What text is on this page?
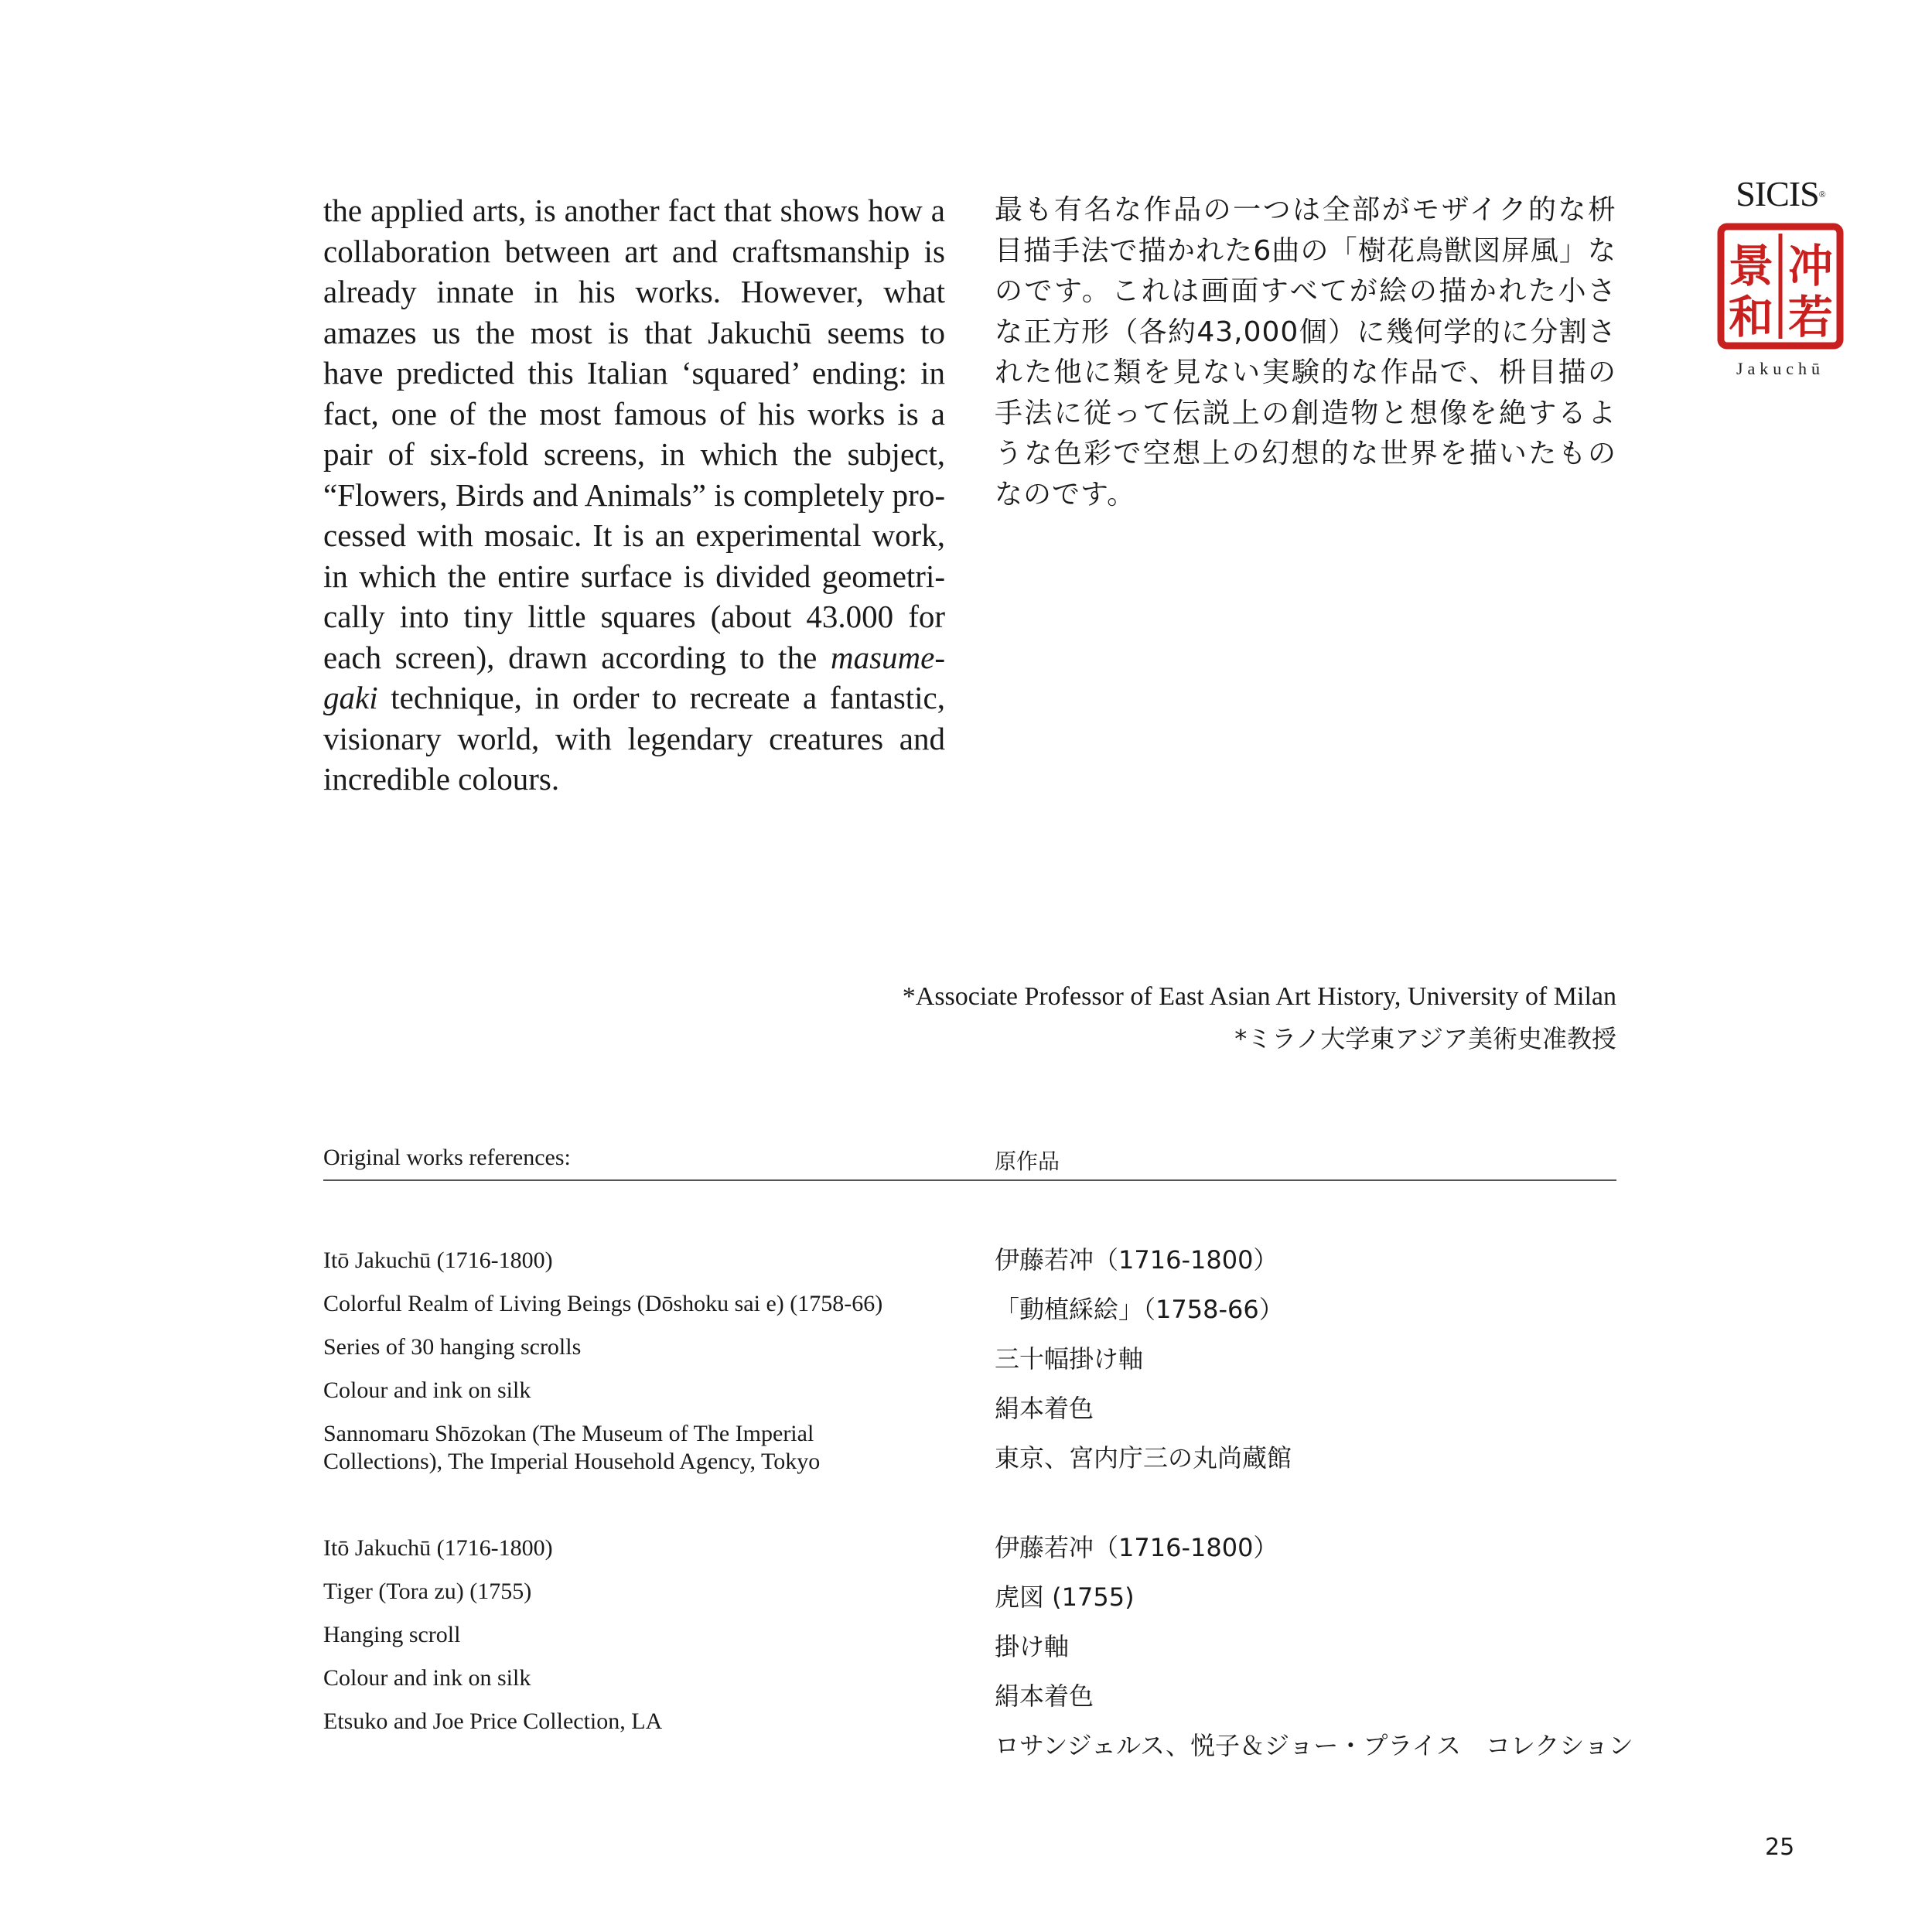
the applied arts, is another fact that shows how a collaboration between art and craftsmanship is already innate in his works. However, what amazes us the most is that Jakuchū seems to have predicted this Italian ‘squared’ ending: in fact, one of the most famous of his works is a pair of six-fold screens, in which the subject, “Flowers, Birds and Animals” is completely processed with mosaic. It is an experimental work, in which the entire surface is divided geometrically into tiny little squares (about 43.000 for each screen), drawn according to the masume-gaki technique, in order to recreate a fantastic, visionary world, with legendary creatures and incredible colours.

最も有名な作品の一つは全部がモザイク的な枡目描手法で描かれた6曲の「樹花鳥獣図屏風」なのです。これは画面すべてが絵の描かれた小さな正方形（各約43,000個）に幾何学的に分割された他に類を見ない実験的な作品で、枡目描の手法に従って伝説上の創造物と想像を絶するような色彩で空想上の幻想的な世界を描いたものなのです。

SICIS®
冲
若
景
和
Jakuchū
*Associate Professor of East Asian Art History, University of Milan
*ミラノ大学東アジア美術史准教授
Original works references:	原作品
Itō Jakuchū (1716-1800)
Colorful Realm of Living Beings (Dōshoku sai e) (1758-66)
Series of 30 hanging scrolls
Colour and ink on silk
Sannomaru Shōzokan (The Museum of The Imperial
Collections), The Imperial Household Agency, Tokyo
伊藤若冲（1716-1800）
「動植綵絵」（1758-66）
三十幅掛け軸
絹本着色
東京、宮内庁三の丸尚蔵館
Itō Jakuchū (1716-1800)
Tiger (Tora zu) (1755)
Hanging scroll
Colour and ink on silk
Etsuko and Joe Price Collection, LA
伊藤若冲（1716-1800）
虎図 (1755)
掛け軸
絹本着色
ロサンジェルス、悦子＆ジョー・プライス　コレクション
25
